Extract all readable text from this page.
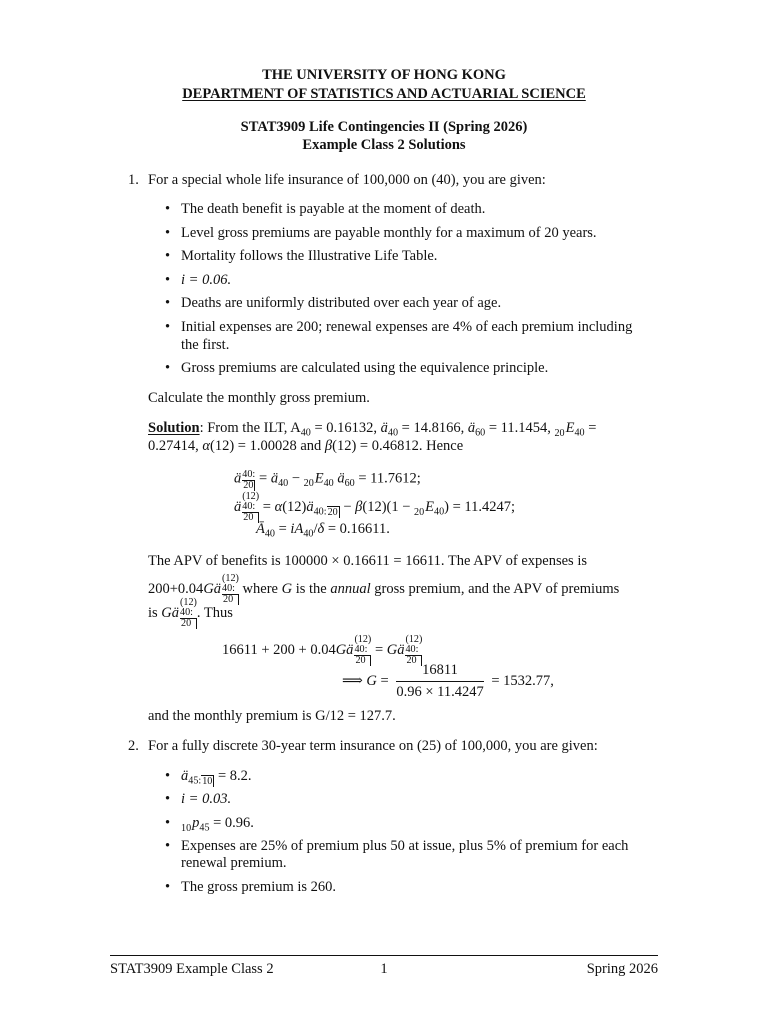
THE UNIVERSITY OF HONG KONG
DEPARTMENT OF STATISTICS AND ACTUARIAL SCIENCE
STAT3909 Life Contingencies II (Spring 2026)
Example Class 2 Solutions
1. For a special whole life insurance of 100,000 on (40), you are given:
• The death benefit is payable at the moment of death.
• Level gross premiums are payable monthly for a maximum of 20 years.
• Mortality follows the Illustrative Life Table.
• i = 0.06.
• Deaths are uniformly distributed over each year of age.
• Initial expenses are 200; renewal expenses are 4% of each premium including
the first.
• Gross premiums are calculated using the equivalence principle.
Calculate the monthly gross premium.
Solution: From the ILT, $A_{40} = 0.16132$, $ä_{40} = 14.8166$, $ä_{60} = 11.1454$, $_{20}E_{40}$ =
0.27414, α(12) = 1.00028 and β(12) = 0.46812. Hence
ä 40:
$20 = ä_{40} - _{20}E_{40}$ $ä_{60} = 11.7612$;
ä
(12)
40:
20
= $\alpha(12)ä_{40:20} - \beta(12)(1 - _{20}E_{40}) = 11.4247$;
$Ā_{40} = iA_{40}/\delta = 0.16611$.
The APV of benefits is 100000 × 0.16611 = 16611. The APV of expenses is
200+0.04Gä
(12)
40:
20
where G is the annual gross premium, and the APV of premiums
is Gä
(12)
40:
20
. Thus
16611 + 200 + 0.04Gä
(12)
40:
20
= Gä
(12)
40:
20
⟹ $G = \frac{16811}{0.96 \times 11.4247} = 1532.77$,
and the monthly premium is G/12 = 127.7.
2. For a fully discrete 30-year term insurance on (25) of 100,000, you are given:
• $ä_{45:10} = 8.2$.
• i = 0.03.
• $_{10}p_{45} = 0.96$.
• Expenses are 25% of premium plus 50 at issue, plus 5% of premium for each
renewal premium.
• The gross premium is 260.
STAT3909 Example Class 2	1	Spring 2026
